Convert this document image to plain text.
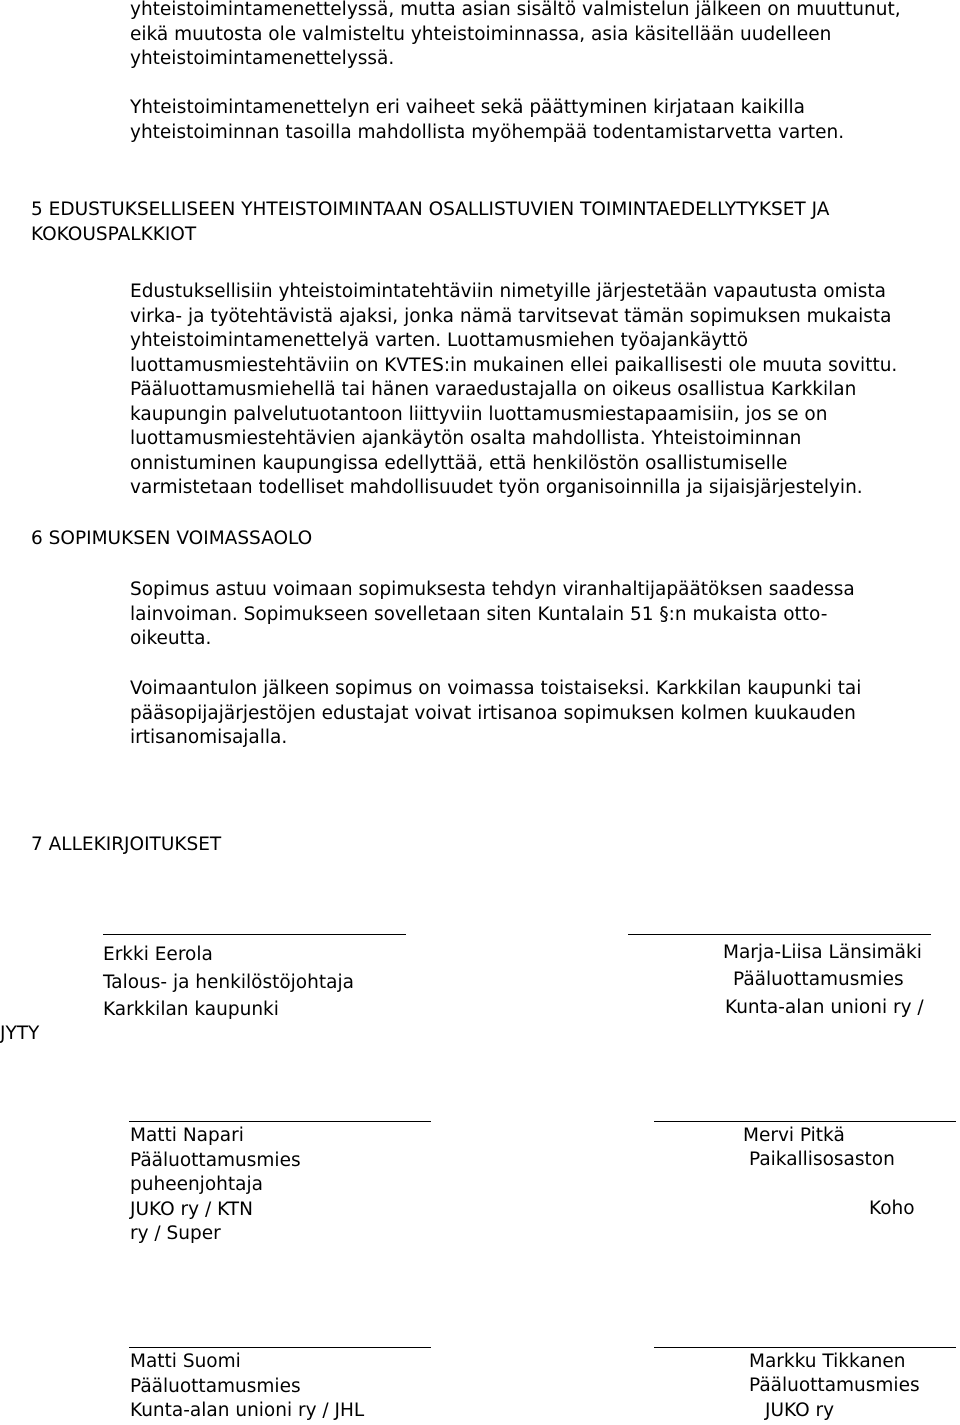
yhteistoimintamenettelyssä, mutta asian sisältö valmistelun jälkeen on muuttunut,
eikä muutosta ole valmisteltu yhteistoiminnassa, asia käsitellään uudelleen
yhteistoimintamenettelyssä.
Yhteistoimintamenettelyn eri vaiheet sekä päättyminen kirjataan kaikilla
yhteistoiminnan tasoilla mahdollista myöhempää todentamistarvetta varten.
5 EDUSTUKSELLISEEN YHTEISTOIMINTAAN OSALLISTUVIEN TOIMINTAEDELLYTYKSET JA
KOKOUSPALKKIOT
Edustuksellisiin yhteistoimintatehtäviin nimetyille järjestetään vapautusta omista
virka- ja työtehtävistä ajaksi, jonka nämä tarvitsevat tämän sopimuksen mukaista
yhteistoimintamenettelyä varten. Luottamusmiehen työajankäyttö
luottamusmiestehtäviin on KVTES:in mukainen ellei paikallisesti ole muuta sovittu.
Pääluottamusmiehellä tai hänen varaedustajalla on oikeus osallistua Karkkilan
kaupungin palvelutuotantoon liittyviin luottamusmiestapaamisiin, jos se on
luottamusmiestehtävien ajankäytön osalta mahdollista. Yhteistoiminnan
onnistuminen kaupungissa edellyttää, että henkilöstön osallistumiselle
varmistetaan todelliset mahdollisuudet työn organisoinnilla ja sijaisjärjestelyin.

6 SOPIMUKSEN VOIMASSAOLO

Sopimus astuu voimaan sopimuksesta tehdyn viranhaltijapäätöksen saadessa
lainvoiman. Sopimukseen sovelletaan siten Kuntalain 51 §:n mukaista otto-
oikeutta.
Voimaantulon jälkeen sopimus on voimassa toistaiseksi. Karkkilan kaupunki tai
pääsopijajärjestöjen edustajat voivat irtisanoa sopimuksen kolmen kuukauden
irtisanomisajalla.

7 ALLEKIRJOITUKSET

Erkki Eerola
Talous- ja henkilöstöjohtaja
Karkkilan kaupunki

Marja-Liisa Länsimäki

Pääluottamusmies

Kunta-alan unioni ry /

JYTY

Matti Napari
Pääluottamusmies
puheenjohtaja
JUKO ry / KTN
ry / Super

Mervi Pitkä

Paikallisosaston

Koho

Matti Suomi
Pääluottamusmies
Kunta-alan unioni ry / JHL

Markku Tikkanen

Pääluottamusmies

JUKO ry
